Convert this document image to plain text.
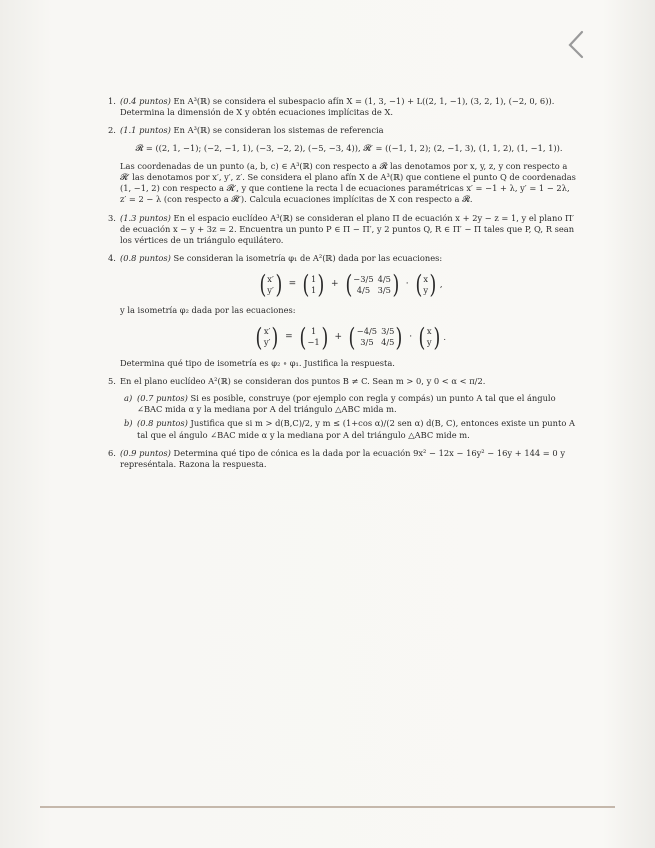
1. (0.4 puntos) En A³(ℝ) se considera el subespacio afín X = (1, 3, −1) + L((2, 1, −1), (3, 2, 1), (−2, 0, 6)). Determina la dimensión de X y obtén ecuaciones implícitas de X.
2. (1.1 puntos) En A³(ℝ) se consideran los sistemas de referencia
𝓡 = ((2, 1, −1); (−2, −1, 1), (−3, −2, 2), (−5, −3, 4)), 𝓡′ = ((−1, 1, 2); (2, −1, 3), (1, 1, 2), (1, −1, 1)).
Las coordenadas de un punto (a, b, c) ∈ A³(ℝ) con respecto a 𝓡 las denotamos por x, y, z, y con respecto a 𝓡′ las denotamos por x′, y′, z′. Se considera el plano afín X de A³(ℝ) que contiene el punto Q de coordenadas (1, −1, 2) con respecto a 𝓡′, y que contiene la recta l de ecuaciones paramétricas x′ = −1 + λ, y′ = 1 − 2λ, z′ = 2 − λ (con respecto a 𝓡′). Calcula ecuaciones implícitas de X con respecto a 𝓡.
3. (1.3 puntos) En el espacio euclídeo A³(ℝ) se consideran el plano Π de ecuación x + 2y − z = 1, y el plano Π′ de ecuación x − y + 3z = 2. Encuentra un punto P ∈ Π − Π′, y 2 puntos Q, R ∈ Π′ − Π tales que P, Q, R sean los vértices de un triángulo equilátero.
4. (0.8 puntos) Se consideran la isometría φ₁ de A²(ℝ) dada por las ecuaciones:
( x′
y′ ) = ( 1
1 ) + ( −3/5 4/5
4/5 3/5 ) · ( x
y ) ,
y la isometría φ₂ dada por las ecuaciones:
( x′
y′ ) = ( 1
−1 ) + ( −4/5 3/5
3/5 4/5 ) · ( x
y ) .
Determina qué tipo de isometría es φ₂ ∘ φ₁. Justifica la respuesta.
5. En el plano euclídeo A²(ℝ) se consideran dos puntos B ≠ C. Sean m > 0, y 0 < α < π/2.
a) (0.7 puntos) Si es posible, construye (por ejemplo con regla y compás) un punto A tal que el ángulo ∠BAC mida α y la mediana por A del triángulo △ABC mida m.
b) (0.8 puntos) Justifica que si m > d(B,C)/2, y m ≤ (1+cos α)/(2 sen α) d(B, C), entonces existe un punto A tal que el ángulo ∠BAC mide α y la mediana por A del triángulo △ABC mide m.
6. (0.9 puntos) Determina qué tipo de cónica es la dada por la ecuación 9x² − 12x − 16y² − 16y + 144 = 0 y represéntala. Razona la respuesta.
